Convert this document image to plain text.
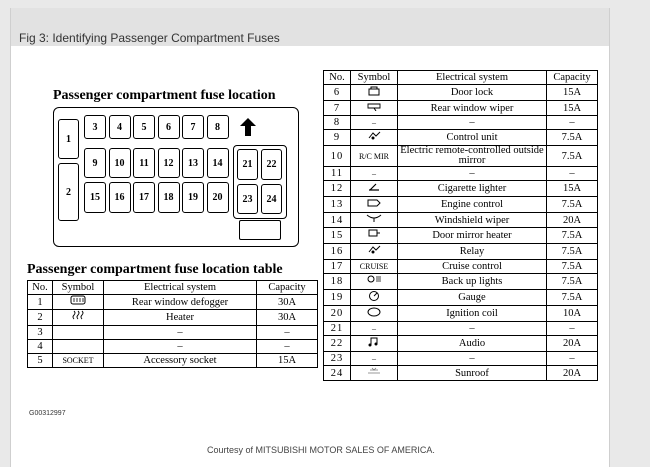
Fig 3: Identifying Passenger Compartment Fuses
Passenger compartment fuse location
1
2
3	4	5	6	7	8
9	10	11	12	13	14
15	16	17	18	19	20
21	22
23	24
Passenger compartment fuse location table
No.	Symbol	Electrical system	Capacity
1		Rear window defogger	30A
2		Heater	30A
3		–	–
4		–	–
5	SOCKET	Accessory socket	15A
No.	Symbol	Electrical system	Capacity
6		Door lock	15A
7		Rear window wiper	15A
8	–	–	–
9		Control unit	7.5A
10	R/C MIR	Electric remote-controlled outside mirror	7.5A
11	–	–	–
12		Cigarette lighter	15A
13		Engine control	7.5A
14		Windshield wiper	20A
15		Door mirror heater	7.5A
16		Relay	7.5A
17	CRUISE	Cruise control	7.5A
18		Back up lights	7.5A
19		Gauge	7.5A
20		Ignition coil	10A
21	–	–	–
22		Audio	20A
23	–	–	–
24		Sunroof	20A
G00312997
Courtesy of MITSUBISHI MOTOR SALES OF AMERICA.
